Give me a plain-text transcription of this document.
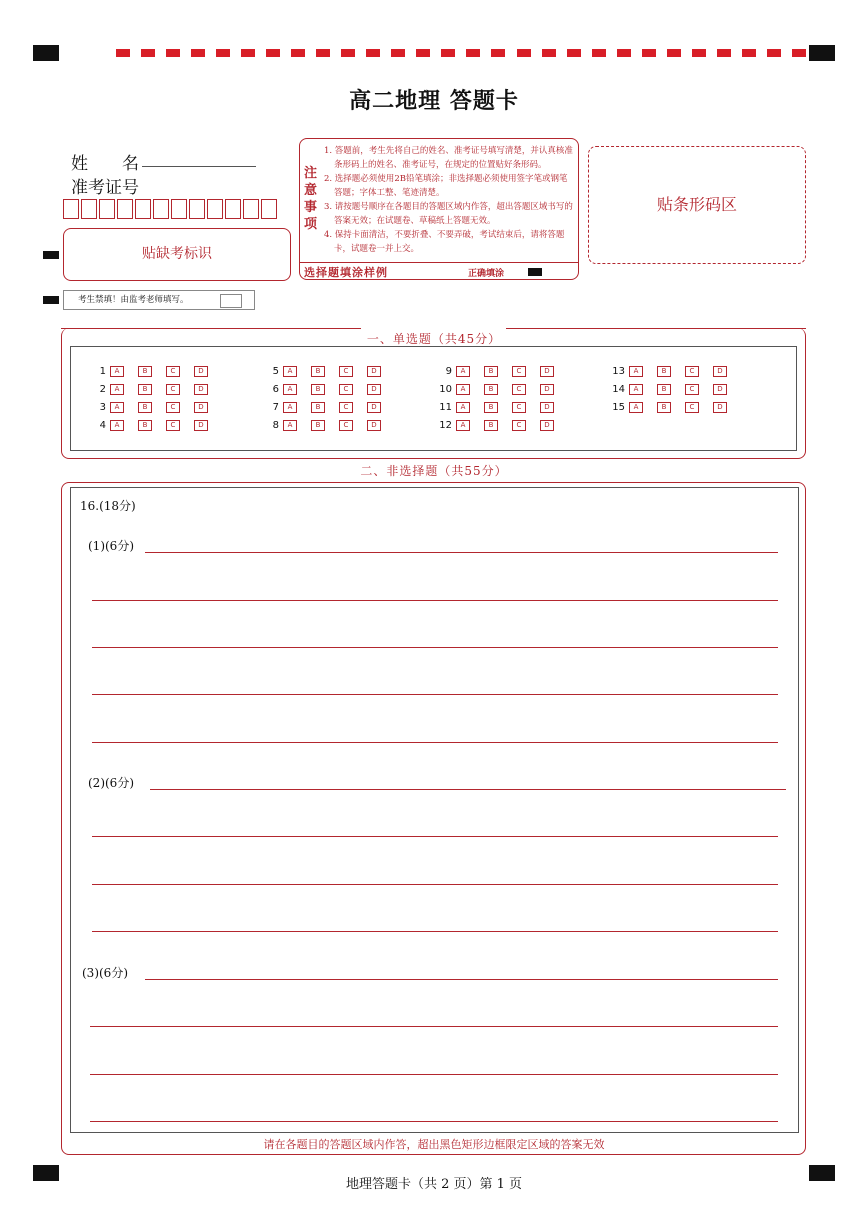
高二地理 答题卡
姓　　名
准考证号
贴缺考标识
考生禁填！由监考老师填写。
注
意
事
项
1. 答题前，考生先将自己的姓名、准考证号填写清楚，并认真核准条形码上的姓名、准考证号，在规定的位置贴好条形码。
2. 选择题必须使用2B铅笔填涂；非选择题必须使用签字笔或钢笔答题；字体工整、笔迹清楚。
3. 请按题号顺序在各题目的答题区域内作答，超出答题区域书写的答案无效；在试题卷、草稿纸上答题无效。
4. 保持卡面清洁，不要折叠、不要弄破，考试结束后，请将答题卡，试题卷一并上交。
选择题填涂样例	正确填涂
贴条形码区
一、单选题（共45分）
1	A	B	C	D
2	A	B	C	D
3	A	B	C	D
4	A	B	C	D
5	A	B	C	D
6	A	B	C	D
7	A	B	C	D
8	A	B	C	D
9	A	B	C	D
10	A	B	C	D
11	A	B	C	D
12	A	B	C	D
13	A	B	C	D
14	A	B	C	D
15	A	B	C	D
二、非选择题（共55分）
16.(18分)
(1)(6分)
(2)(6分)
(3)(6分)
请在各题目的答题区域内作答，超出黑色矩形边框限定区域的答案无效
地理答题卡（共 2 页）第 1 页
